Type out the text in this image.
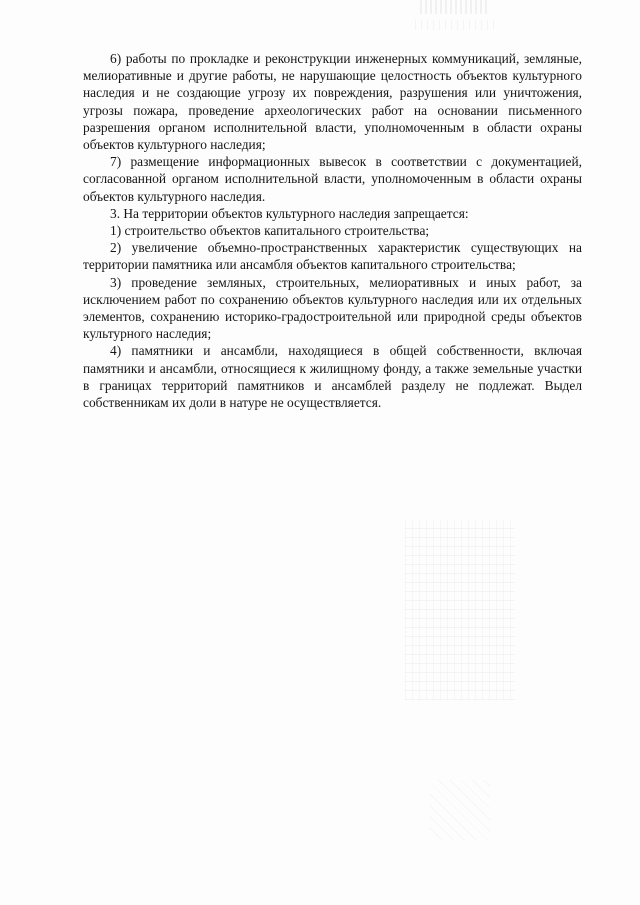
6) работы по прокладке и реконструкции инженерных коммуникаций, земляные, мелиоративные и другие работы, не нарушающие целостность объектов культурного наследия и не создающие угрозу их повреждения, разрушения или уничтожения, угрозы пожара, проведение археологических работ на основании письменного разрешения органом исполнительной власти, уполномоченным в области охраны объектов культурного наследия;

7) размещение информационных вывесок в соответствии с документацией, согласованной органом исполнительной власти, уполномоченным в области охраны объектов культурного наследия.

3. На территории объектов культурного наследия запрещается:

1) строительство объектов капитального строительства;

2) увеличение объемно-пространственных характеристик существующих на территории памятника или ансамбля объектов капитального строительства;

3) проведение земляных, строительных, мелиоративных и иных работ, за исключением работ по сохранению объектов культурного наследия или их отдельных элементов, сохранению историко-градостроительной или природной среды объектов культурного наследия;

4) памятники и ансамбли, находящиеся в общей собственности, включая памятники и ансамбли, относящиеся к жилищному фонду, а также земельные участки в границах территорий памятников и ансамблей разделу не подлежат. Выдел собственникам их доли в натуре не осуществляется.
